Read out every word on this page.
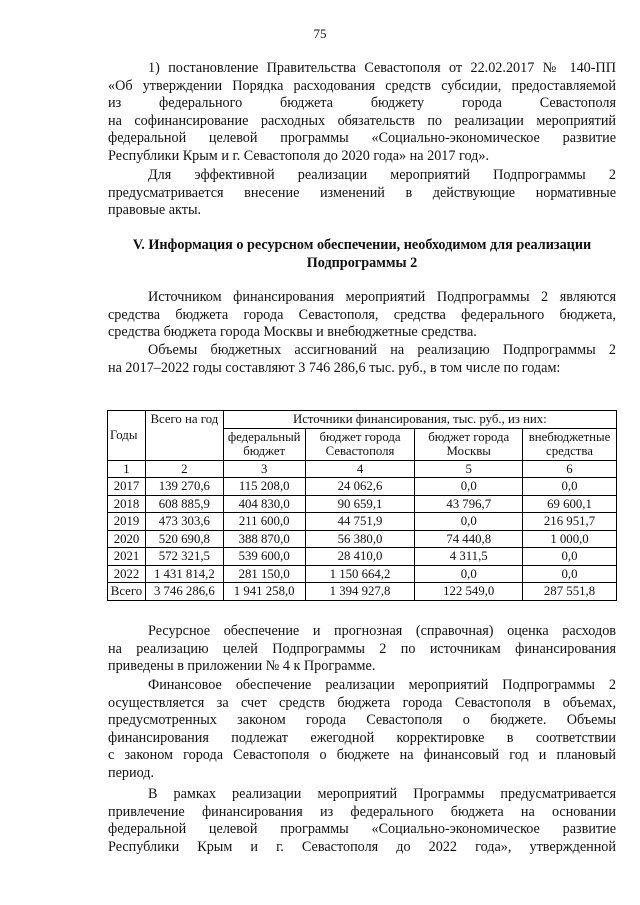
75
1) постановление Правительства Севастополя от 22.02.2017 № 140-ПП
«Об утверждении Порядка расходования средств субсидии, предоставляемой
из федерального бюджета бюджету города Севастополя
на софинансирование расходных обязательств по реализации мероприятий
федеральной целевой программы «Социально-экономическое развитие
Республики Крым и г. Севастополя до 2020 года» на 2017 год».
Для эффективной реализации мероприятий Подпрограммы 2
предусматривается внесение изменений в действующие нормативные
правовые акты.
V. Информация о ресурсном обеспечении, необходимом для реализации
Подпрограммы 2
Источником финансирования мероприятий Подпрограммы 2 являются
средства бюджета города Севастополя, средства федерального бюджета,
средства бюджета города Москвы и внебюджетные средства.
Объемы бюджетных ассигнований на реализацию Подпрограммы 2
на 2017–2022 годы составляют 3 746 286,6 тыс. руб., в том числе по годам:
Годы	Всего на год	Источники финансирования, тыс. руб., из них:			
		федеральный бюджет	бюджет города Севастополя	бюджет города Москвы	внебюджетные средства
1	2	3	4	5	6
2017	139 270,6	115 208,0	24 062,6	0,0	0,0
2018	608 885,9	404 830,0	90 659,1	43 796,7	69 600,1
2019	473 303,6	211 600,0	44 751,9	0,0	216 951,7
2020	520 690,8	388 870,0	56 380,0	74 440,8	1 000,0
2021	572 321,5	539 600,0	28 410,0	4 311,5	0,0
2022	1 431 814,2	281 150,0	1 150 664,2	0,0	0,0
Всего	3 746 286,6	1 941 258,0	1 394 927,8	122 549,0	287 551,8
Ресурсное обеспечение и прогнозная (справочная) оценка расходов
на реализацию целей Подпрограммы 2 по источникам финансирования
приведены в приложении № 4 к Программе.
Финансовое обеспечение реализации мероприятий Подпрограммы 2
осуществляется за счет средств бюджета города Севастополя в объемах,
предусмотренных законом города Севастополя о бюджете. Объемы
финансирования подлежат ежегодной корректировке в соответствии
с законом города Севастополя о бюджете на финансовый год и плановый
период.
В рамках реализации мероприятий Программы предусматривается
привлечение финансирования из федерального бюджета на основании
федеральной целевой программы «Социально-экономическое развитие
Республики Крым и г. Севастополя до 2022 года», утвержденной
